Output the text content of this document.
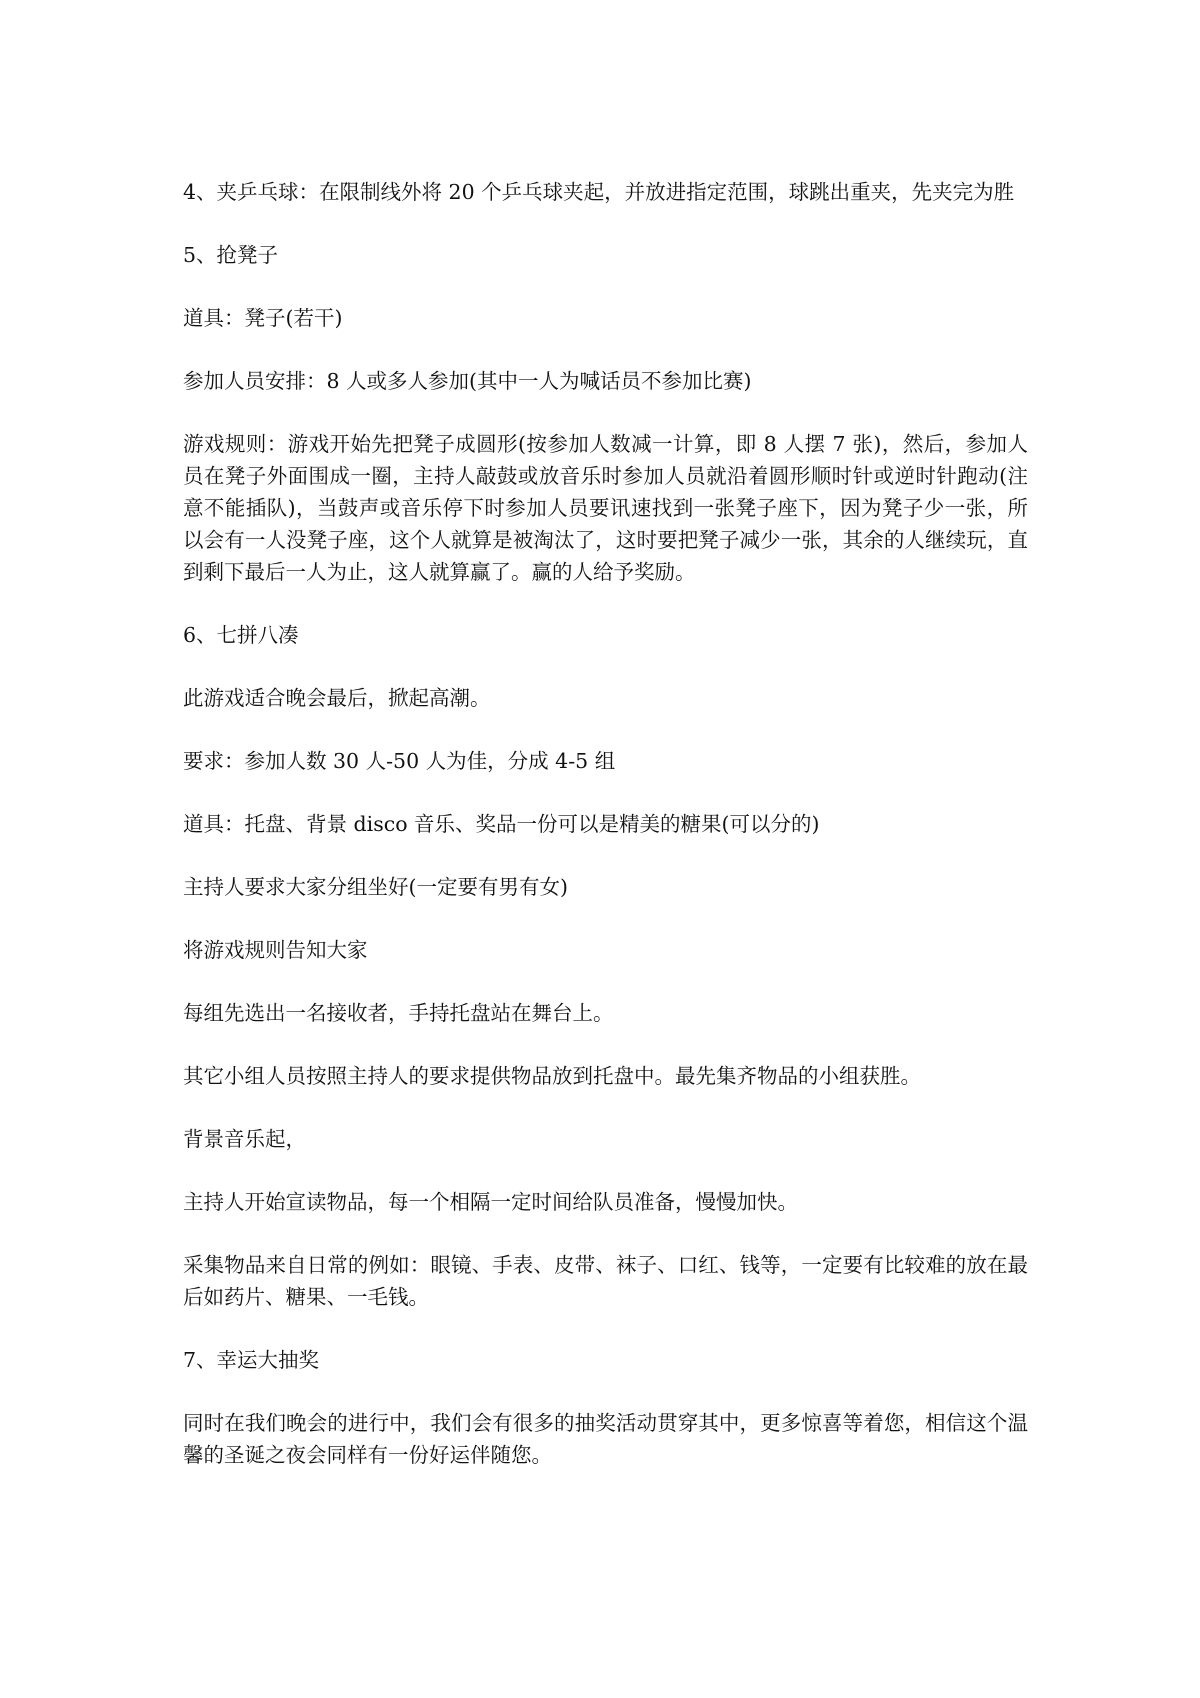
4、夹乒乓球：在限制线外将 20 个乒乓球夹起，并放进指定范围，球跳出重夹，先夹完为胜

5、抢凳子

道具：凳子(若干)

参加人员安排：8 人或多人参加(其中一人为喊话员不参加比赛)

游戏规则：游戏开始先把凳子成圆形(按参加人数减一计算，即 8 人摆 7 张)，然后，参加人员在凳子外面围成一圈，主持人敲鼓或放音乐时参加人员就沿着圆形顺时针或逆时针跑动(注意不能插队)，当鼓声或音乐停下时参加人员要讯速找到一张凳子座下，因为凳子少一张，所以会有一人没凳子座，这个人就算是被淘汰了，这时要把凳子减少一张，其余的人继续玩，直到剩下最后一人为止，这人就算赢了。赢的人给予奖励。

6、七拼八凑

此游戏适合晚会最后，掀起高潮。

要求：参加人数 30 人-50 人为佳，分成 4-5 组

道具：托盘、背景 disco 音乐、奖品一份可以是精美的糖果(可以分的)

主持人要求大家分组坐好(一定要有男有女)

将游戏规则告知大家

每组先选出一名接收者，手持托盘站在舞台上。

其它小组人员按照主持人的要求提供物品放到托盘中。最先集齐物品的小组获胜。

背景音乐起，

主持人开始宣读物品，每一个相隔一定时间给队员准备，慢慢加快。

采集物品来自日常的例如：眼镜、手表、皮带、袜子、口红、钱等，一定要有比较难的放在最后如药片、糖果、一毛钱。

7、幸运大抽奖

同时在我们晚会的进行中，我们会有很多的抽奖活动贯穿其中，更多惊喜等着您，相信这个温馨的圣诞之夜会同样有一份好运伴随您。
